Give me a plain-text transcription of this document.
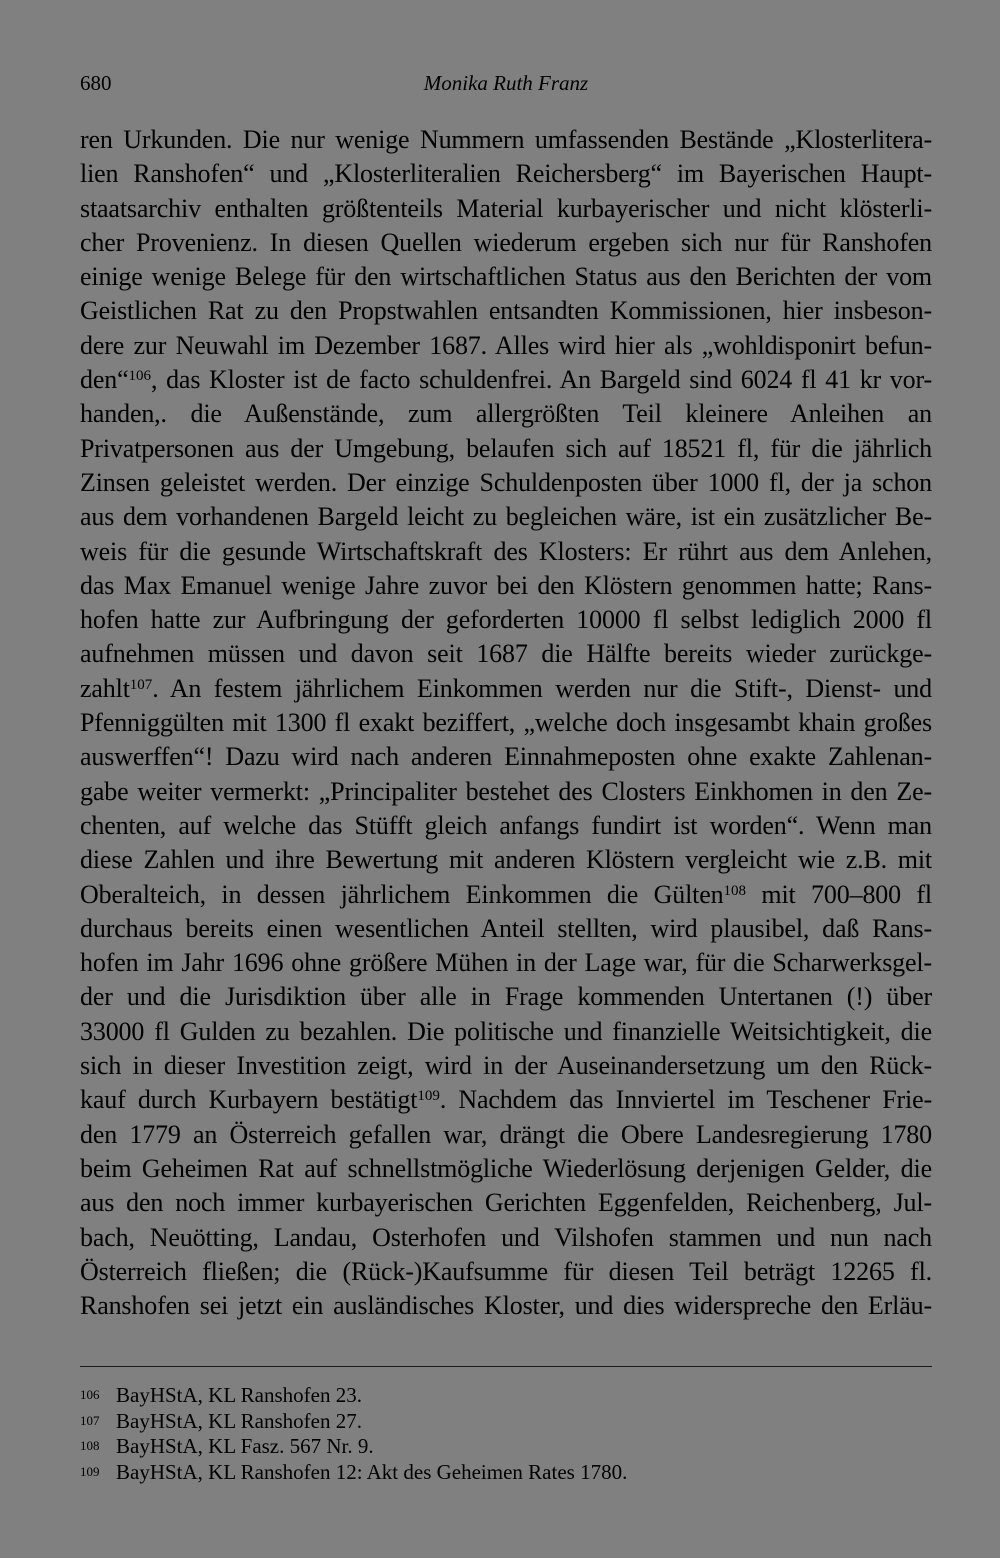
680	Monika Ruth Franz
ren Urkunden. Die nur wenige Nummern umfassenden Bestände „Klosterlitera-
lien Ranshofen“ und „Klosterliteralien Reichersberg“ im Bayerischen Haupt-
staatsarchiv enthalten größtenteils Material kurbayerischer und nicht klösterli-
cher Provenienz. In diesen Quellen wiederum ergeben sich nur für Ranshofen
einige wenige Belege für den wirtschaftlichen Status aus den Berichten der vom
Geistlichen Rat zu den Propstwahlen entsandten Kommissionen, hier insbeson-
dere zur Neuwahl im Dezember 1687. Alles wird hier als „wohldisponirt befun-
den“$^{106}$, das Kloster ist de facto schuldenfrei. An Bargeld sind 6024 fl 41 kr vor-
handen,. die Außenstände, zum allergrößten Teil kleinere Anleihen an
Privatpersonen aus der Umgebung, belaufen sich auf 18521 fl, für die jährlich
Zinsen geleistet werden. Der einzige Schuldenposten über 1000 fl, der ja schon
aus dem vorhandenen Bargeld leicht zu begleichen wäre, ist ein zusätzlicher Be-
weis für die gesunde Wirtschaftskraft des Klosters: Er rührt aus dem Anlehen,
das Max Emanuel wenige Jahre zuvor bei den Klöstern genommen hatte; Rans-
hofen hatte zur Aufbringung der geforderten 10000 fl selbst lediglich 2000 fl
aufnehmen müssen und davon seit 1687 die Hälfte bereits wieder zurückge-
zahlt$^{107}$. An festem jährlichem Einkommen werden nur die Stift-, Dienst- und
Pfenniggülten mit 1300 fl exakt beziffert, „welche doch insgesambt khain großes
auswerffen“! Dazu wird nach anderen Einnahmeposten ohne exakte Zahlenan-
gabe weiter vermerkt: „Principaliter bestehet des Closters Einkhomen in den Ze-
chenten, auf welche das Stüfft gleich anfangs fundirt ist worden“. Wenn man
diese Zahlen und ihre Bewertung mit anderen Klöstern vergleicht wie z.B. mit
Oberalteich, in dessen jährlichem Einkommen die Gülten$^{108}$ mit 700–800 fl
durchaus bereits einen wesentlichen Anteil stellten, wird plausibel, daß Rans-
hofen im Jahr 1696 ohne größere Mühen in der Lage war, für die Scharwerksgel-
der und die Jurisdiktion über alle in Frage kommenden Untertanen (!) über
33000 fl Gulden zu bezahlen. Die politische und finanzielle Weitsichtigkeit, die
sich in dieser Investition zeigt, wird in der Auseinandersetzung um den Rück-
kauf durch Kurbayern bestätigt$^{109}$. Nachdem das Innviertel im Teschener Frie-
den 1779 an Österreich gefallen war, drängt die Obere Landesregierung 1780
beim Geheimen Rat auf schnellstmögliche Wiederlösung derjenigen Gelder, die
aus den noch immer kurbayerischen Gerichten Eggenfelden, Reichenberg, Jul-
bach, Neuötting, Landau, Osterhofen und Vilshofen stammen und nun nach
Österreich fließen; die (Rück-)Kaufsumme für diesen Teil beträgt 12265 fl.
Ranshofen sei jetzt ein ausländisches Kloster, und dies widerspreche den Erläu-
106 BayHStA, KL Ranshofen 23.
107 BayHStA, KL Ranshofen 27.
108 BayHStA, KL Fasz. 567 Nr. 9.
109 BayHStA, KL Ranshofen 12: Akt des Geheimen Rates 1780.
